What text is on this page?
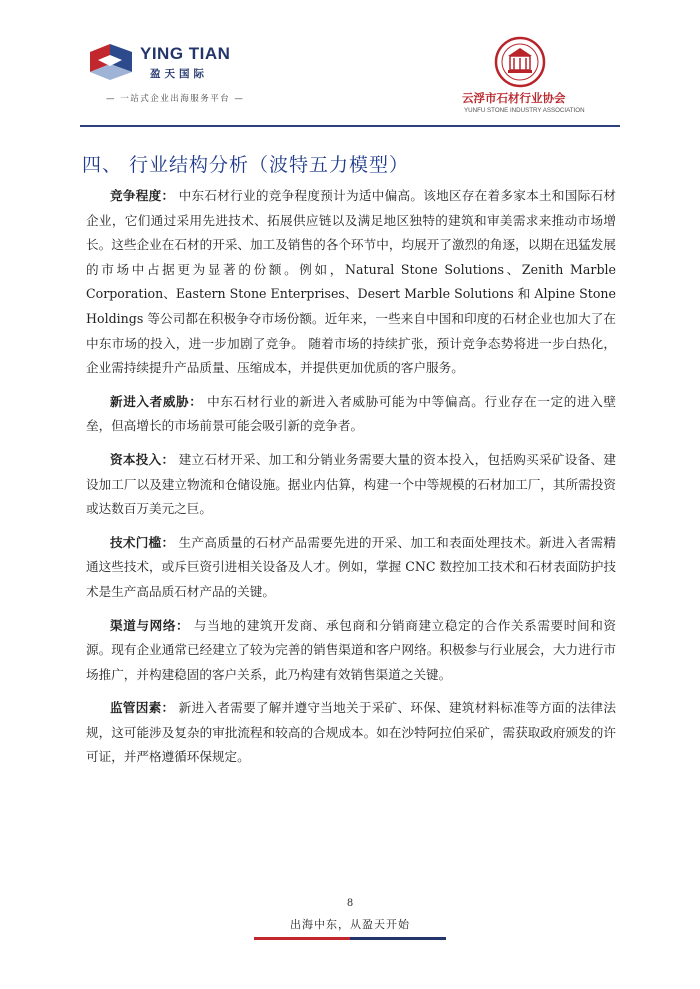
YING TIAN
盈天国际
— 一站式企业出海服务平台 —	云浮市石材行业协会
YUNFU STONE INDUSTRY ASSOCIATION
四、 行业结构分析（波特五力模型）

竞争程度： 中东石材行业的竞争程度预计为适中偏高。该地区存在着多家本土和国际石材企业，它们通过采用先进技术、拓展供应链以及满足地区独特的建筑和审美需求来推动市场增长。这些企业在石材的开采、加工及销售的各个环节中，均展开了激烈的角逐，以期在迅猛发展的市场中占据更为显著的份额。例如，Natural Stone Solutions、Zenith Marble Corporation、Eastern Stone Enterprises、Desert Marble Solutions 和 Alpine Stone Holdings 等公司都在积极争夺市场份额。近年来，一些来自中国和印度的石材企业也加大了在中东市场的投入，进一步加剧了竞争。 随着市场的持续扩张，预计竞争态势将进一步白热化，企业需持续提升产品质量、压缩成本，并提供更加优质的客户服务。

新进入者威胁： 中东石材行业的新进入者威胁可能为中等偏高。行业存在一定的进入壁垒，但高增长的市场前景可能会吸引新的竞争者。

资本投入： 建立石材开采、加工和分销业务需要大量的资本投入，包括购买采矿设备、建设加工厂以及建立物流和仓储设施。据业内估算，构建一个中等规模的石材加工厂，其所需投资或达数百万美元之巨。

技术门槛： 生产高质量的石材产品需要先进的开采、加工和表面处理技术。新进入者需精通这些技术，或斥巨资引进相关设备及人才。例如，掌握 CNC 数控加工技术和石材表面防护技术是生产高品质石材产品的关键。

渠道与网络： 与当地的建筑开发商、承包商和分销商建立稳定的合作关系需要时间和资源。现有企业通常已经建立了较为完善的销售渠道和客户网络。积极参与行业展会，大力进行市场推广，并构建稳固的客户关系，此乃构建有效销售渠道之关键。

监管因素： 新进入者需要了解并遵守当地关于采矿、环保、建筑材料标准等方面的法律法规，这可能涉及复杂的审批流程和较高的合规成本。如在沙特阿拉伯采矿，需获取政府颁发的许可证，并严格遵循环保规定。

8
出海中东，从盈天开始
